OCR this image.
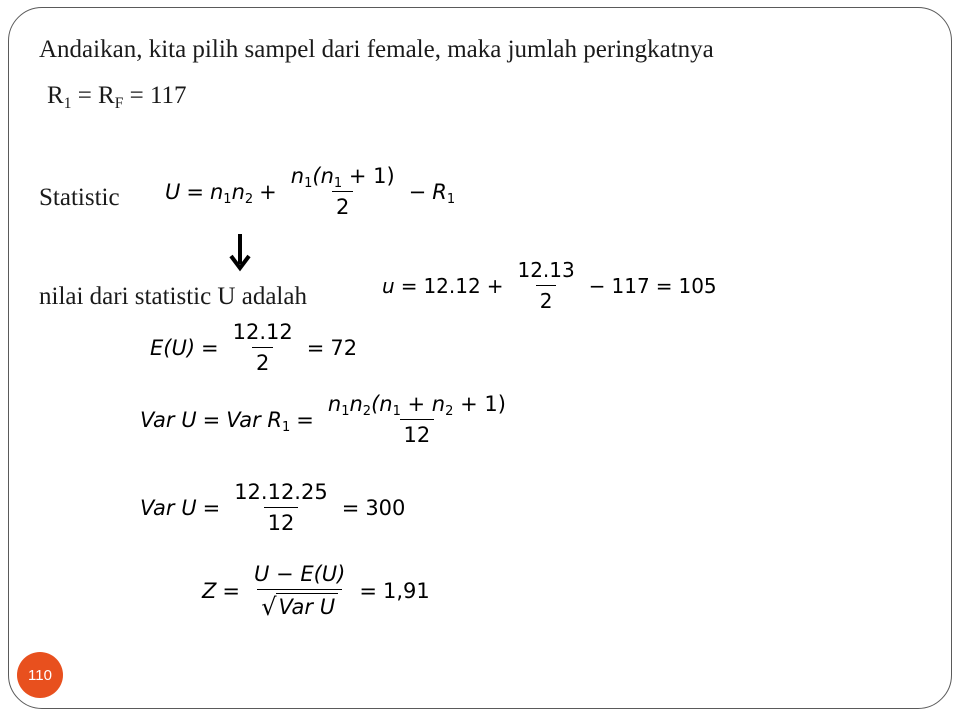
Andaikan, kita pilih sampel dari female, maka jumlah peringkatnya
$R_1 = R_F = 117$
Statistic $U = n_1n_2 + \frac{n_1(n_1 + 1)}{2} - R_1$
nilai dari statistic U adalah	$u = 12.12 + \frac{12.13}{2} - 117 = 105$
$E(U) = \frac{12.12}{2} = 72$
Var U = Var $R_1 = \frac{n_1n_2(n_1 + n_2 + 1)}{12}$
Var $U = \frac{12.12.25}{12} = 300$
$Z = \frac{U - E(U)}{\text{√ Var U}} = 1,91$
110
